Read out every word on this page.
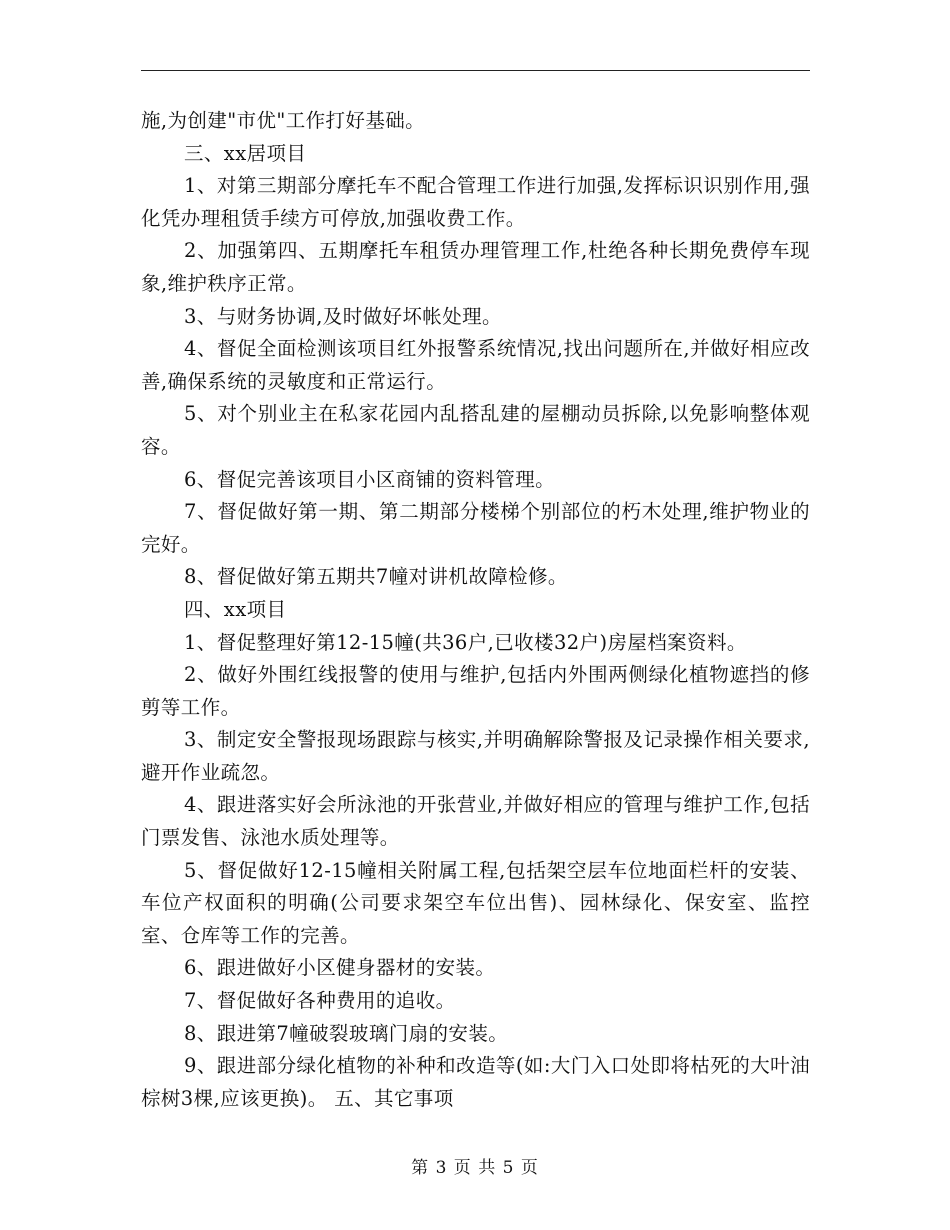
施,为创建"市优"工作打好基础。

三、xx居项目

1、对第三期部分摩托车不配合管理工作进行加强,发挥标识识别作用,强化凭办理租赁手续方可停放,加强收费工作。

2、加强第四、五期摩托车租赁办理管理工作,杜绝各种长期免费停车现象,维护秩序正常。

3、与财务协调,及时做好坏帐处理。

4、督促全面检测该项目红外报警系统情况,找出问题所在,并做好相应改善,确保系统的灵敏度和正常运行。

5、对个别业主在私家花园内乱搭乱建的屋棚动员拆除,以免影响整体观容。

6、督促完善该项目小区商铺的资料管理。

7、督促做好第一期、第二期部分楼梯个别部位的朽木处理,维护物业的完好。

8、督促做好第五期共7幢对讲机故障检修。

四、xx项目

1、督促整理好第12-15幢(共36户,已收楼32户)房屋档案资料。

2、做好外围红线报警的使用与维护,包括内外围两侧绿化植物遮挡的修剪等工作。

3、制定安全警报现场跟踪与核实,并明确解除警报及记录操作相关要求,避开作业疏忽。

4、跟进落实好会所泳池的开张营业,并做好相应的管理与维护工作,包括门票发售、泳池水质处理等。

5、督促做好12-15幢相关附属工程,包括架空层车位地面栏杆的安装、车位产权面积的明确(公司要求架空车位出售)、园林绿化、保安室、监控室、仓库等工作的完善。

6、跟进做好小区健身器材的安装。

7、督促做好各种费用的追收。

8、跟进第7幢破裂玻璃门扇的安装。

9、跟进部分绿化植物的补种和改造等(如:大门入口处即将枯死的大叶油棕树3棵,应该更换)。 五、其它事项

第 3 页 共 5 页
